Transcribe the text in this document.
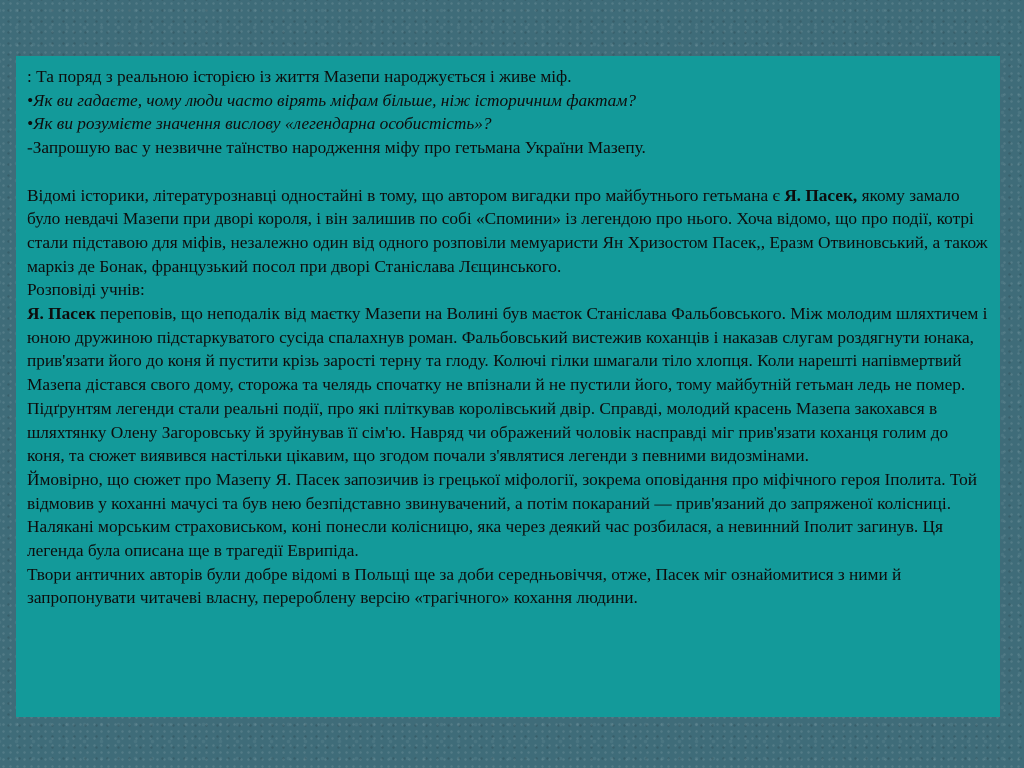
: Та поряд з реальною історією із життя Мазепи народжується і живе міф.

•Як ви гадаєте, чому люди часто вірять міфам більше, ніж історичним фактам?

•Як ви розумієте значення вислову «легендарна особистість»?

-Запрошую вас у незвичне таїнство народження міфу про гетьмана України Мазепу.

Відомі історики, літературознавці одностайні в тому, що автором вигадки про майбутнього гетьмана є Я. Пасек, якому замало було невдачі Мазепи при дворі короля, і він залишив по собі «Спомини» із легендою про нього. Хоча відомо, що про події, котрі стали підставою для міфів, незалежно один від одного розповіли мемуаристи Ян Хризостом Пасек,, Еразм Отвиновський, а також маркіз де Бонак, французький посол при дворі Станіслава Лєщинського.

Розповіді учнів:

Я. Пасек переповів, що неподалік від маєтку Мазепи на Волині був маєток Станіслава Фальбовського. Між молодим шляхтичем і юною дружиною підстаркуватого сусіда спалахнув роман. Фальбовський вистежив коханців і наказав слугам роздягнути юнака, прив'язати його до коня й пустити крізь зарості терну та глоду. Колючі гілки шмагали тіло хлопця. Коли нарешті напівмертвий Мазепа дістався свого дому, сторожа та челядь спочатку не впізнали й не пустили його, тому майбутній гетьман ледь не помер.

Підґрунтям легенди стали реальні події, про які пліткував королівський двір. Справді, молодий красень Мазепа закохався в шляхтянку Олену Загоровську й зруйнував її сім'ю. Навряд чи ображений чоловік насправді міг прив'язати коханця голим до коня, та сюжет виявився настільки цікавим, що згодом почали з'являтися легенди з певними видозмінами.

Ймовірно, що сюжет про Мазепу Я. Пасек запозичив із грецької міфології, зокрема оповідання про міфічного героя Іполита. Той відмовив у коханні мачусі та був нею безпідставно звинувачений, а потім покараний — прив'язаний до запряженої колісниці. Налякані морським страховиськом, коні понесли колісницю, яка через деякий час розбилася, а невинний Іполит загинув. Ця легенда була описана ще в трагедії Еврипіда.

Твори античних авторів були добре відомі в Польщі ще за доби середньовіччя, отже, Пасек міг ознайомитися з ними й запропонувати читачеві власну, перероблену версію «трагічного» кохання людини.
